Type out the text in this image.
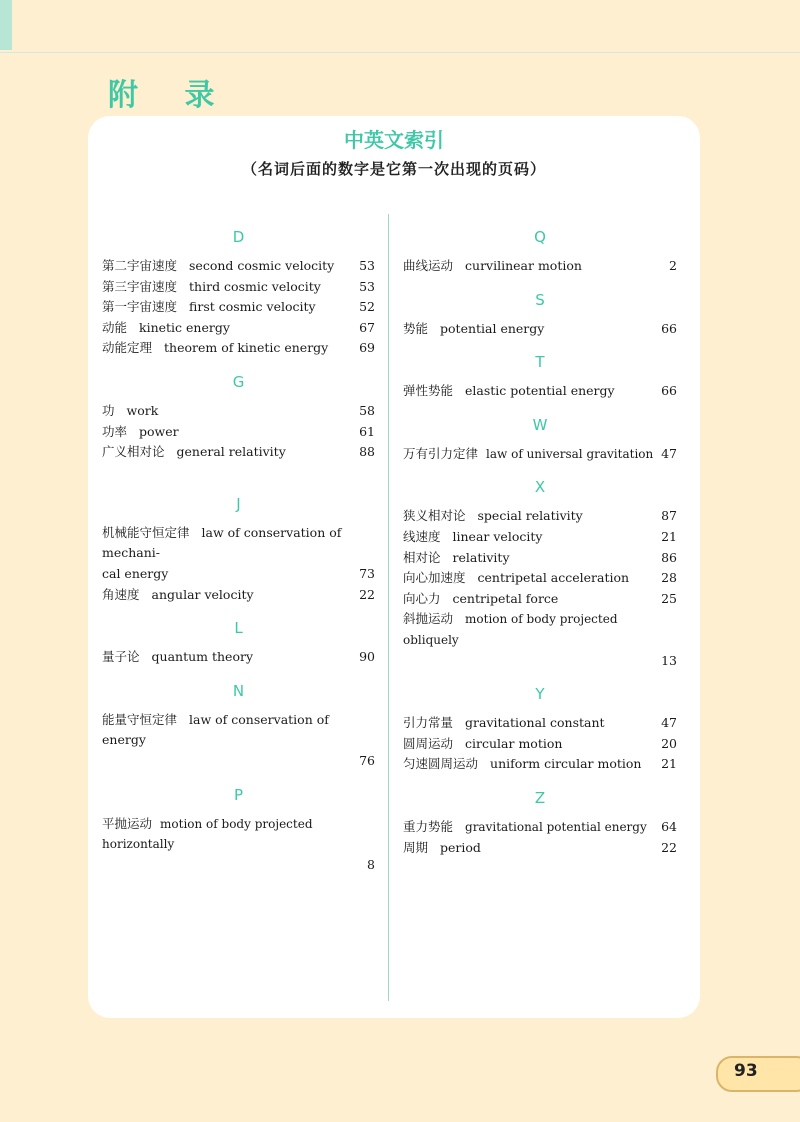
附 录
中英文索引
（名词后面的数字是它第一次出现的页码）
D
第二宇宙速度 second cosmic velocity	53
第三宇宙速度 third cosmic velocity	53
第一宇宙速度 first cosmic velocity	52
动能 kinetic energy	67
动能定理 theorem of kinetic energy	69
G
功 work	58
功率 power	61
广义相对论 general relativity	88
J
机械能守恒定律 law of conservation of mechani-
cal energy	73
角速度 angular velocity	22
L
量子论 quantum theory	90
N
能量守恒定律 law of conservation of energy
76
P
平抛运动 motion of body projected horizontally
8
Q
曲线运动 curvilinear motion	2
S
势能 potential energy	66
T
弹性势能 elastic potential energy	66
W
万有引力定律 law of universal gravitation 47
X
狭义相对论 special relativity	87
线速度 linear velocity	21
相对论 relativity	86
向心加速度 centripetal acceleration	28
向心力 centripetal force	25
斜抛运动 motion of body projected obliquely
13
Y
引力常量 gravitational constant	47
圆周运动 circular motion	20
匀速圆周运动 uniform circular motion	21
Z
重力势能 gravitational potential energy	64
周期 period	22
93
